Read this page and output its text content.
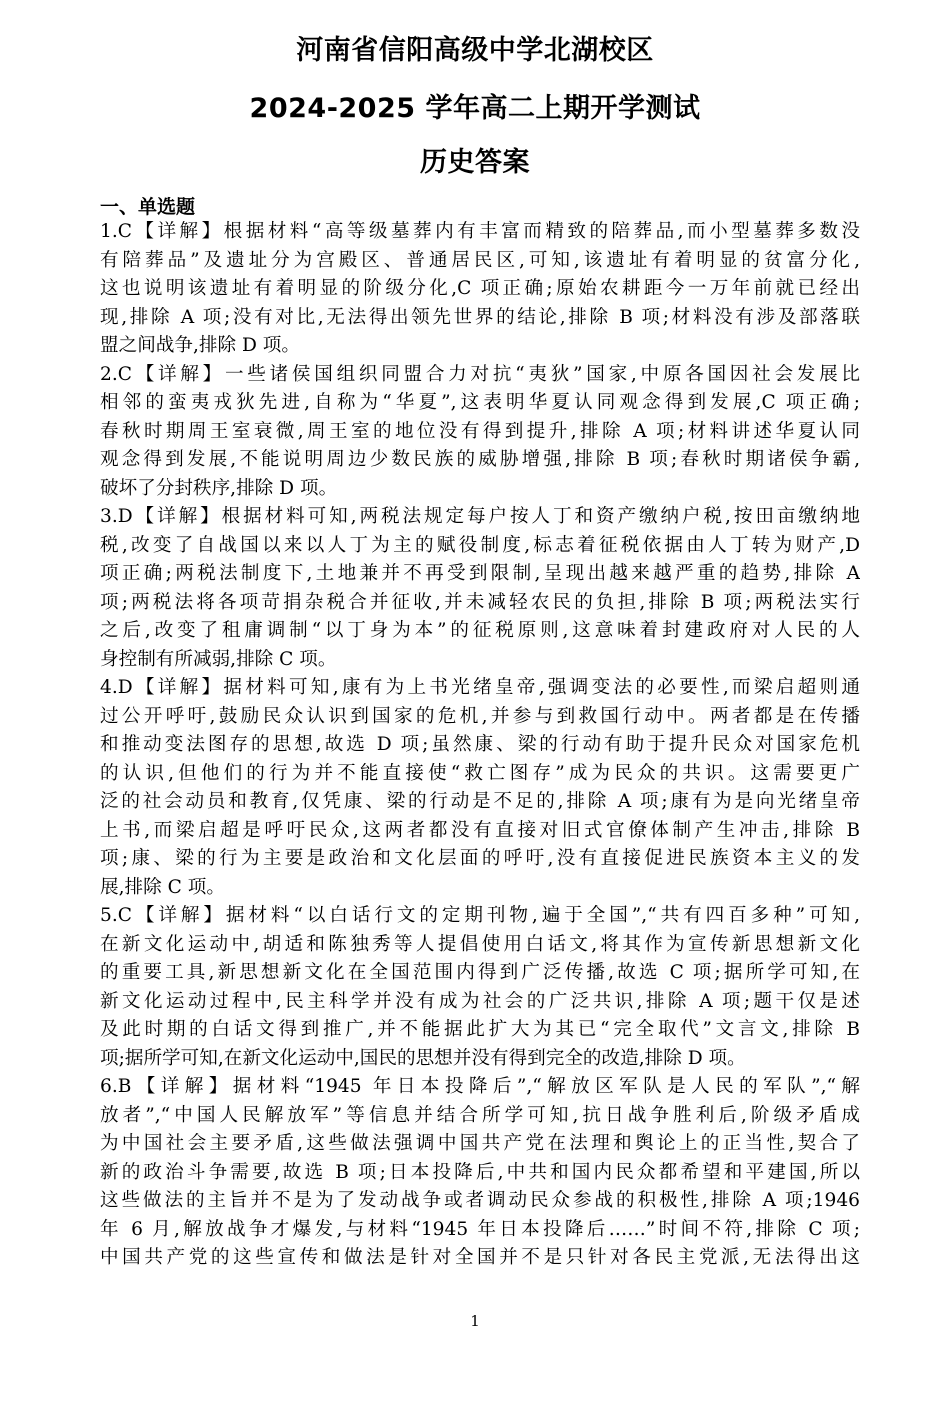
河南省信阳高级中学北湖校区
2024-2025 学年高二上期开学测试
历史答案
一、单选题
1.C【详解】根据材料“高等级墓葬内有丰富而精致的陪葬品,而小型墓葬多数没
有陪葬品”及遗址分为宫殿区、普通居民区,可知,该遗址有着明显的贫富分化,
这也说明该遗址有着明显的阶级分化,C 项正确;原始农耕距今一万年前就已经出
现,排除 A 项;没有对比,无法得出领先世界的结论,排除 B 项;材料没有涉及部落联
盟之间战争,排除 D 项。
2.C【详解】一些诸侯国组织同盟合力对抗“夷狄”国家,中原各国因社会发展比
相邻的蛮夷戎狄先进,自称为“华夏”,这表明华夏认同观念得到发展,C 项正确;
春秋时期周王室衰微,周王室的地位没有得到提升,排除 A 项;材料讲述华夏认同
观念得到发展,不能说明周边少数民族的威胁增强,排除 B 项;春秋时期诸侯争霸,
破坏了分封秩序,排除 D 项。
3.D【详解】根据材料可知,两税法规定每户按人丁和资产缴纳户税,按田亩缴纳地
税,改变了自战国以来以人丁为主的赋役制度,标志着征税依据由人丁转为财产,D
项正确;两税法制度下,土地兼并不再受到限制,呈现出越来越严重的趋势,排除 A
项;两税法将各项苛捐杂税合并征收,并未减轻农民的负担,排除 B 项;两税法实行
之后,改变了租庸调制“以丁身为本”的征税原则,这意味着封建政府对人民的人
身控制有所减弱,排除 C 项。
4.D【详解】据材料可知,康有为上书光绪皇帝,强调变法的必要性,而梁启超则通
过公开呼吁,鼓励民众认识到国家的危机,并参与到救国行动中。两者都是在传播
和推动变法图存的思想,故选 D 项;虽然康、梁的行动有助于提升民众对国家危机
的认识,但他们的行为并不能直接使“救亡图存”成为民众的共识。这需要更广
泛的社会动员和教育,仅凭康、梁的行动是不足的,排除 A 项;康有为是向光绪皇帝
上书,而梁启超是呼吁民众,这两者都没有直接对旧式官僚体制产生冲击,排除 B
项;康、梁的行为主要是政治和文化层面的呼吁,没有直接促进民族资本主义的发
展,排除 C 项。
5.C【详解】据材料“以白话行文的定期刊物,遍于全国”,“共有四百多种”可知,
在新文化运动中,胡适和陈独秀等人提倡使用白话文,将其作为宣传新思想新文化
的重要工具,新思想新文化在全国范围内得到广泛传播,故选 C 项;据所学可知,在
新文化运动过程中,民主科学并没有成为社会的广泛共识,排除 A 项;题干仅是述
及此时期的白话文得到推广,并不能据此扩大为其已“完全取代”文言文,排除 B
项;据所学可知,在新文化运动中,国民的思想并没有得到完全的改造,排除 D 项。
6.B【详解】据材料“1945 年日本投降后”,“解放区军队是人民的军队”,“解
放者”,“中国人民解放军”等信息并结合所学可知,抗日战争胜利后,阶级矛盾成
为中国社会主要矛盾,这些做法强调中国共产党在法理和舆论上的正当性,契合了
新的政治斗争需要,故选 B 项;日本投降后,中共和国内民众都希望和平建国,所以
这些做法的主旨并不是为了发动战争或者调动民众参战的积极性,排除 A 项;1946
年 6 月,解放战争才爆发,与材料“1945 年日本投降后……”时间不符,排除 C 项;
中国共产党的这些宣传和做法是针对全国并不是只针对各民主党派,无法得出这
1
